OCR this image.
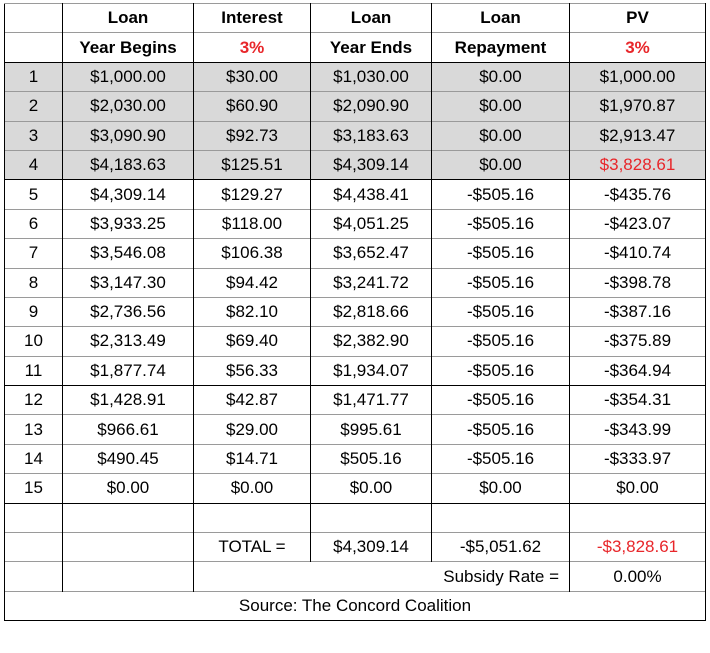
	Loan	Interest	Loan	Loan	PV
	Year Begins	3%	Year Ends	Repayment	3%
1	$1,000.00	$30.00	$1,030.00	$0.00	$1,000.00
2	$2,030.00	$60.90	$2,090.90	$0.00	$1,970.87
3	$3,090.90	$92.73	$3,183.63	$0.00	$2,913.47
4	$4,183.63	$125.51	$4,309.14	$0.00	$3,828.61
5	$4,309.14	$129.27	$4,438.41	-$505.16	-$435.76
6	$3,933.25	$118.00	$4,051.25	-$505.16	-$423.07
7	$3,546.08	$106.38	$3,652.47	-$505.16	-$410.74
8	$3,147.30	$94.42	$3,241.72	-$505.16	-$398.78
9	$2,736.56	$82.10	$2,818.66	-$505.16	-$387.16
10	$2,313.49	$69.40	$2,382.90	-$505.16	-$375.89
11	$1,877.74	$56.33	$1,934.07	-$505.16	-$364.94
12	$1,428.91	$42.87	$1,471.77	-$505.16	-$354.31
13	$966.61	$29.00	$995.61	-$505.16	-$343.99
14	$490.45	$14.71	$505.16	-$505.16	-$333.97
15	$0.00	$0.00	$0.00	$0.00	$0.00

		TOTAL =	$4,309.14	-$5,051.62	-$3,828.61
		Subsidy Rate =			0.00%
Source: The Concord Coalition					
